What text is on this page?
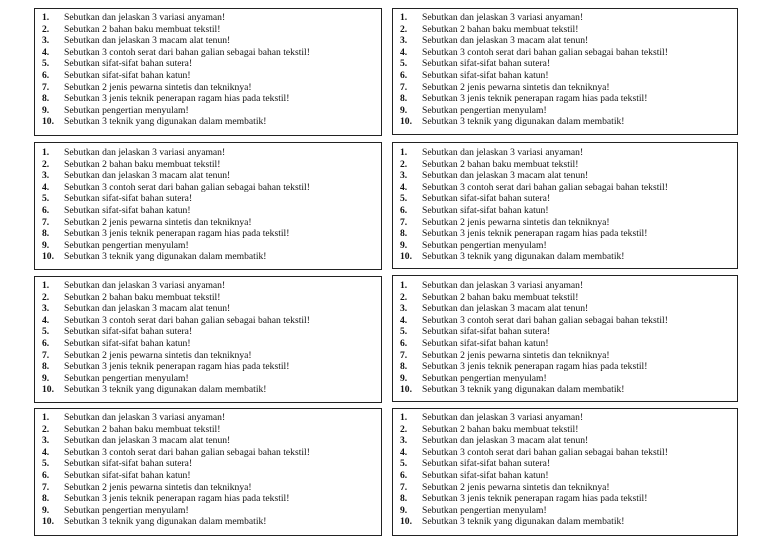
1.	Sebutkan dan jelaskan 3 variasi anyaman!
2.	Sebutkan 2 bahan baku membuat tekstil!
3.	Sebutkan dan jelaskan 3 macam alat tenun!
4.	Sebutkan 3 contoh serat dari bahan galian sebagai bahan tekstil!
5.	Sebutkan sifat-sifat bahan sutera!
6.	Sebutkan sifat-sifat bahan katun!
7.	Sebutkan 2 jenis pewarna sintetis dan tekniknya!
8.	Sebutkan 3 jenis teknik penerapan ragam hias pada tekstil!
9.	Sebutkan pengertian menyulam!
10.	Sebutkan 3 teknik yang digunakan dalam membatik!
1.	Sebutkan dan jelaskan 3 variasi anyaman!
2.	Sebutkan 2 bahan baku membuat tekstil!
3.	Sebutkan dan jelaskan 3 macam alat tenun!
4.	Sebutkan 3 contoh serat dari bahan galian sebagai bahan tekstil!
5.	Sebutkan sifat-sifat bahan sutera!
6.	Sebutkan sifat-sifat bahan katun!
7.	Sebutkan 2 jenis pewarna sintetis dan tekniknya!
8.	Sebutkan 3 jenis teknik penerapan ragam hias pada tekstil!
9.	Sebutkan pengertian menyulam!
10.	Sebutkan 3 teknik yang digunakan dalam membatik!
1.	Sebutkan dan jelaskan 3 variasi anyaman!
2.	Sebutkan 2 bahan baku membuat tekstil!
3.	Sebutkan dan jelaskan 3 macam alat tenun!
4.	Sebutkan 3 contoh serat dari bahan galian sebagai bahan tekstil!
5.	Sebutkan sifat-sifat bahan sutera!
6.	Sebutkan sifat-sifat bahan katun!
7.	Sebutkan 2 jenis pewarna sintetis dan tekniknya!
8.	Sebutkan 3 jenis teknik penerapan ragam hias pada tekstil!
9.	Sebutkan pengertian menyulam!
10.	Sebutkan 3 teknik yang digunakan dalam membatik!
1.	Sebutkan dan jelaskan 3 variasi anyaman!
2.	Sebutkan 2 bahan baku membuat tekstil!
3.	Sebutkan dan jelaskan 3 macam alat tenun!
4.	Sebutkan 3 contoh serat dari bahan galian sebagai bahan tekstil!
5.	Sebutkan sifat-sifat bahan sutera!
6.	Sebutkan sifat-sifat bahan katun!
7.	Sebutkan 2 jenis pewarna sintetis dan tekniknya!
8.	Sebutkan 3 jenis teknik penerapan ragam hias pada tekstil!
9.	Sebutkan pengertian menyulam!
10.	Sebutkan 3 teknik yang digunakan dalam membatik!
1.	Sebutkan dan jelaskan 3 variasi anyaman!
2.	Sebutkan 2 bahan baku membuat tekstil!
3.	Sebutkan dan jelaskan 3 macam alat tenun!
4.	Sebutkan 3 contoh serat dari bahan galian sebagai bahan tekstil!
5.	Sebutkan sifat-sifat bahan sutera!
6.	Sebutkan sifat-sifat bahan katun!
7.	Sebutkan 2 jenis pewarna sintetis dan tekniknya!
8.	Sebutkan 3 jenis teknik penerapan ragam hias pada tekstil!
9.	Sebutkan pengertian menyulam!
10.	Sebutkan 3 teknik yang digunakan dalam membatik!
1.	Sebutkan dan jelaskan 3 variasi anyaman!
2.	Sebutkan 2 bahan baku membuat tekstil!
3.	Sebutkan dan jelaskan 3 macam alat tenun!
4.	Sebutkan 3 contoh serat dari bahan galian sebagai bahan tekstil!
5.	Sebutkan sifat-sifat bahan sutera!
6.	Sebutkan sifat-sifat bahan katun!
7.	Sebutkan 2 jenis pewarna sintetis dan tekniknya!
8.	Sebutkan 3 jenis teknik penerapan ragam hias pada tekstil!
9.	Sebutkan pengertian menyulam!
10.	Sebutkan 3 teknik yang digunakan dalam membatik!
1.	Sebutkan dan jelaskan 3 variasi anyaman!
2.	Sebutkan 2 bahan baku membuat tekstil!
3.	Sebutkan dan jelaskan 3 macam alat tenun!
4.	Sebutkan 3 contoh serat dari bahan galian sebagai bahan tekstil!
5.	Sebutkan sifat-sifat bahan sutera!
6.	Sebutkan sifat-sifat bahan katun!
7.	Sebutkan 2 jenis pewarna sintetis dan tekniknya!
8.	Sebutkan 3 jenis teknik penerapan ragam hias pada tekstil!
9.	Sebutkan pengertian menyulam!
10.	Sebutkan 3 teknik yang digunakan dalam membatik!
1.	Sebutkan dan jelaskan 3 variasi anyaman!
2.	Sebutkan 2 bahan baku membuat tekstil!
3.	Sebutkan dan jelaskan 3 macam alat tenun!
4.	Sebutkan 3 contoh serat dari bahan galian sebagai bahan tekstil!
5.	Sebutkan sifat-sifat bahan sutera!
6.	Sebutkan sifat-sifat bahan katun!
7.	Sebutkan 2 jenis pewarna sintetis dan tekniknya!
8.	Sebutkan 3 jenis teknik penerapan ragam hias pada tekstil!
9.	Sebutkan pengertian menyulam!
10.	Sebutkan 3 teknik yang digunakan dalam membatik!
